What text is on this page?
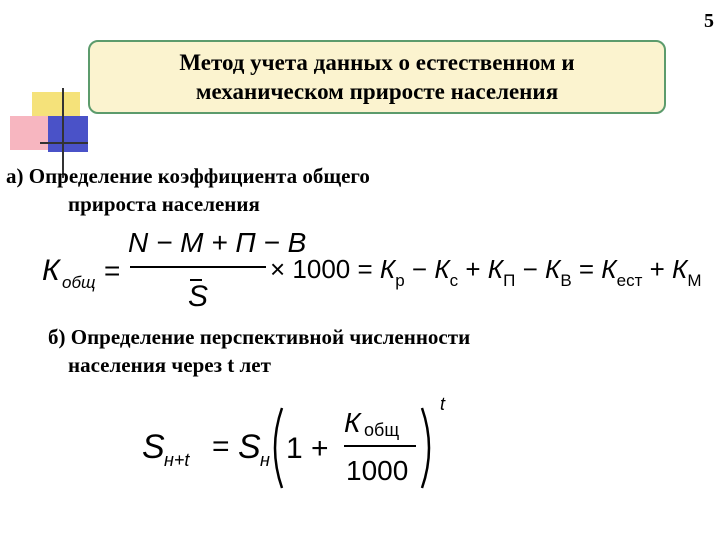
5
Метод учета данных о естественном и
механическом приросте населения
а) Определение коэффициента общего
прироста населения
К общ =
N − M + П − В
S
× $1000 = К_р - К_с + К_П - К_В = К_{ест} + К_М$
б) Определение перспективной численности
населения через t лет
S н+t = S н 1 +
К общ
1000
t
